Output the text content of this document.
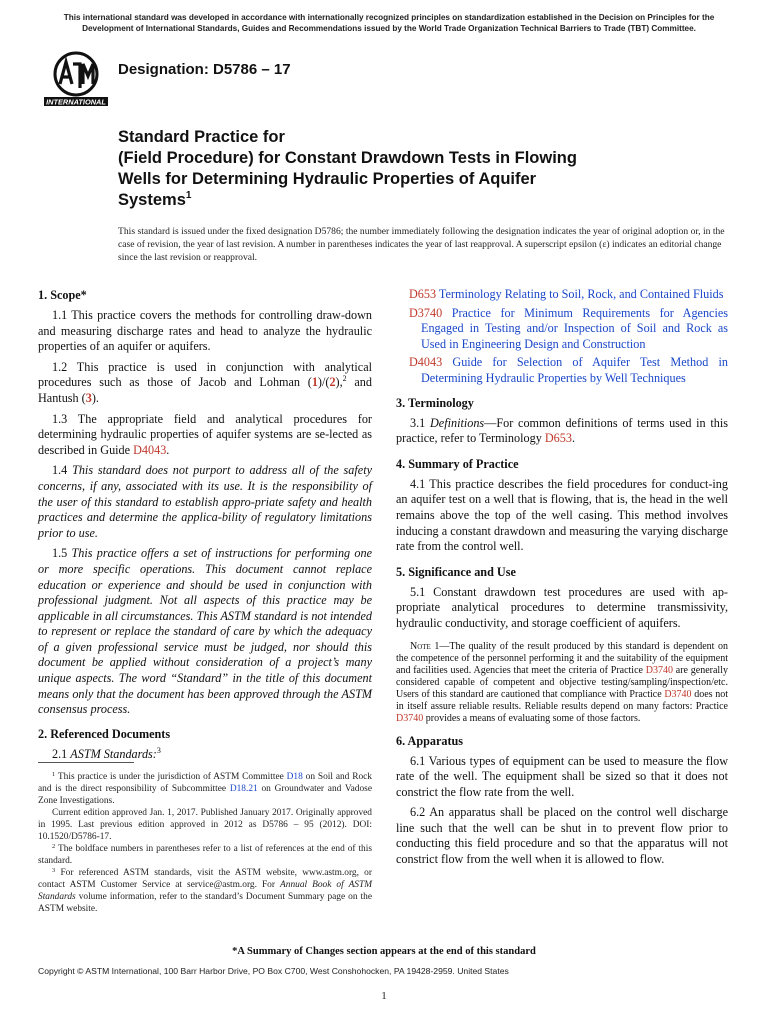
This international standard was developed in accordance with internationally recognized principles on standardization established in the Decision on Principles for the Development of International Standards, Guides and Recommendations issued by the World Trade Organization Technical Barriers to Trade (TBT) Committee.
INTERNATIONAL
Designation: D5786 – 17
Standard Practice for
(Field Procedure) for Constant Drawdown Tests in Flowing
Wells for Determining Hydraulic Properties of Aquifer
Systems$^1$
This standard is issued under the fixed designation D5786; the number immediately following the designation indicates the year of original adoption or, in the case of revision, the year of last revision. A number in parentheses indicates the year of last reapproval. A superscript epsilon (ε) indicates an editorial change since the last revision or reapproval.
1. Scope*

1.1 This practice covers the methods for controlling draw-down and measuring discharge rates and head to analyze the hydraulic properties of an aquifer or aquifers.

1.2 This practice is used in conjunction with analytical procedures such as those of Jacob and Lohman (1)/(2),$^2$ and Hantush (3).

1.3 The appropriate field and analytical procedures for determining hydraulic properties of aquifer systems are se-lected as described in Guide D4043.

1.4 This standard does not purport to address all of the safety concerns, if any, associated with its use. It is the responsibility of the user of this standard to establish appro-priate safety and health practices and determine the applica-bility of regulatory limitations prior to use.

1.5 This practice offers a set of instructions for performing one or more specific operations. This document cannot replace education or experience and should be used in conjunction with professional judgment. Not all aspects of this practice may be applicable in all circumstances. This ASTM standard is not intended to represent or replace the standard of care by which the adequacy of a given professional service must be judged, nor should this document be applied without consideration of a project’s many unique aspects. The word “Standard” in the title of this document means only that the document has been approved through the ASTM consensus process.

2. Referenced Documents

2.1 ASTM Standards:$^3$

$^1$ This practice is under the jurisdiction of ASTM Committee D18 on Soil and Rock and is the direct responsibility of Subcommittee D18.21 on Groundwater and Vadose Zone Investigations.
Current edition approved Jan. 1, 2017. Published January 2017. Originally approved in 1995. Last previous edition approved in 2012 as D5786 – 95 (2012). DOI: 10.1520/D5786-17.
$^2$ The boldface numbers in parentheses refer to a list of references at the end of this standard.
$^3$ For referenced ASTM standards, visit the ASTM website, www.astm.org, or contact ASTM Customer Service at service@astm.org. For Annual Book of ASTM Standards volume information, refer to the standard’s Document Summary page on the ASTM website.
D653 Terminology Relating to Soil, Rock, and Contained Fluids
D3740 Practice for Minimum Requirements for Agencies Engaged in Testing and/or Inspection of Soil and Rock as Used in Engineering Design and Construction
D4043 Guide for Selection of Aquifer Test Method in Determining Hydraulic Properties by Well Techniques
3. Terminology

3.1 Definitions—For common definitions of terms used in this practice, refer to Terminology D653.

4. Summary of Practice

4.1 This practice describes the field procedures for conduct-ing an aquifer test on a well that is flowing, that is, the head in the well remains above the top of the well casing. This method involves inducing a constant drawdown and measuring the varying discharge rate from the control well.

5. Significance and Use

5.1 Constant drawdown test procedures are used with ap-propriate analytical procedures to determine transmissivity, hydraulic conductivity, and storage coefficient of aquifers.

Note 1—The quality of the result produced by this standard is dependent on the competence of the personnel performing it and the suitability of the equipment and facilities used. Agencies that meet the criteria of Practice D3740 are generally considered capable of competent and objective testing/sampling/inspection/etc. Users of this standard are cautioned that compliance with Practice D3740 does not in itself assure reliable results. Reliable results depend on many factors: Practice D3740 provides a means of evaluating some of those factors.

6. Apparatus

6.1 Various types of equipment can be used to measure the flow rate of the well. The equipment shall be sized so that it does not constrict the flow rate from the well.

6.2 An apparatus shall be placed on the control well discharge line such that the well can be shut in to prevent flow prior to conducting this field procedure and so that the apparatus will not constrict flow from the well when it is allowed to flow.

*A Summary of Changes section appears at the end of this standard
Copyright © ASTM International, 100 Barr Harbor Drive, PO Box C700, West Conshohocken, PA 19428-2959. United States
1
